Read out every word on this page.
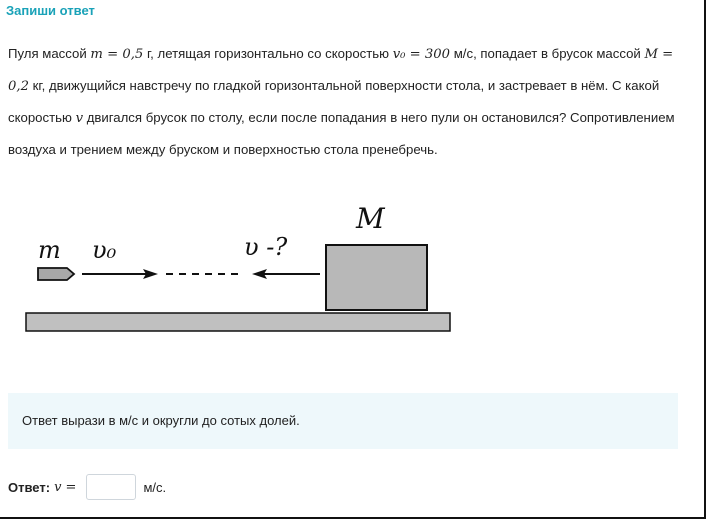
Запиши ответ

Пуля массой m = 0,5 г, летящая горизонтально со скоростью v₀ = 300 м/с, попадает в брусок массой M = 0,2 кг, движущийся навстречу по гладкой горизонтальной поверхности стола, и застревает в нём. С какой скоростью v двигался брусок по столу, если после попадания в него пули он остановился? Сопротивлением воздуха и трением между бруском и поверхностью стола пренебречь.

m υ₀	υ -?
M
Ответ вырази в м/с и округли до сотых долей.
Ответ: v =	м/с.
